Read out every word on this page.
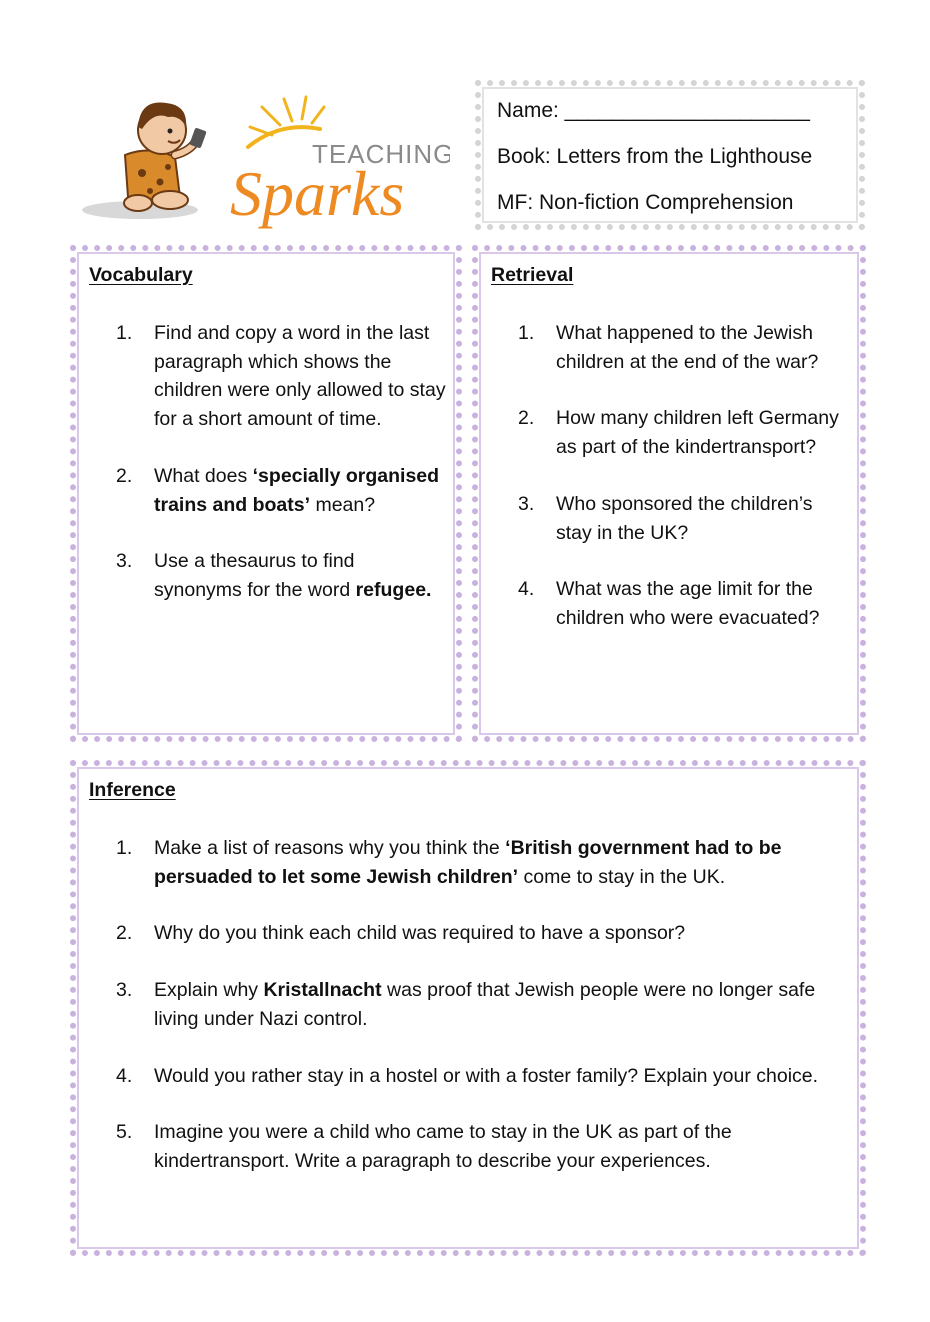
TEACHING
Sparks

Name: _____________________

Book: Letters from the Lighthouse

MF: Non-fiction Comprehension

Vocabulary
1. Find and copy a word in the last paragraph which shows the children were only allowed to stay for a short amount of time.
2. What does ‘specially organised trains and boats’ mean?
3. Use a thesaurus to find synonyms for the word refugee.
Retrieval
1. What happened to the Jewish children at the end of the war?
2. How many children left Germany as part of the kindertransport?
3. Who sponsored the children’s stay in the UK?
4. What was the age limit for the children who were evacuated?
Inference
1. Make a list of reasons why you think the ‘British government had to be persuaded to let some Jewish children’ come to stay in the UK.
2. Why do you think each child was required to have a sponsor?
3. Explain why Kristallnacht was proof that Jewish people were no longer safe living under Nazi control.
4. Would you rather stay in a hostel or with a foster family? Explain your choice.
5. Imagine you were a child who came to stay in the UK as part of the kindertransport. Write a paragraph to describe your experiences.
